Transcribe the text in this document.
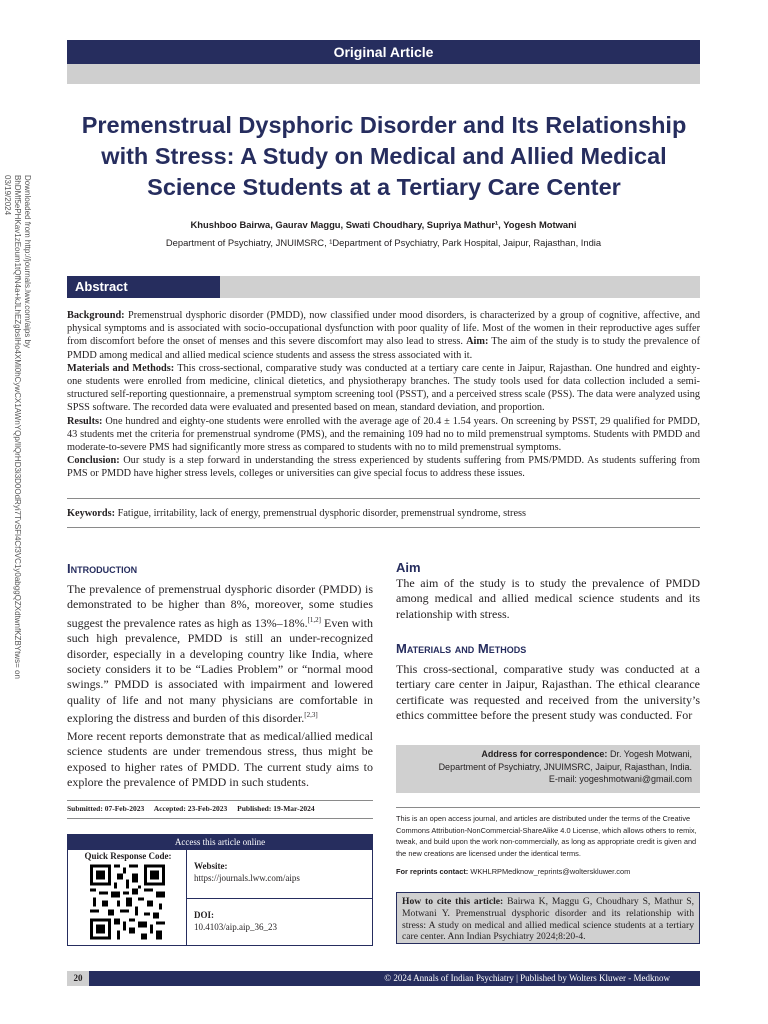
Downloaded from http://journals.lww.com/aips by BhDMf5ePHKav1zEoum1tQfN4a+kJLhEZgbsIHo4XMi0hCywCX1AWnYQp/IlQrHD3i3D0OdRyi7TvSFl4Cf3VC1y0abggQZXdtwnfKZBYtws= on 03/19/2024
Original Article
Premenstrual Dysphoric Disorder and Its Relationship with Stress: A Study on Medical and Allied Medical Science Students at a Tertiary Care Center
Khushboo Bairwa, Gaurav Maggu, Swati Choudhary, Supriya Mathur¹, Yogesh Motwani
Department of Psychiatry, JNUIMSRC, ¹Department of Psychiatry, Park Hospital, Jaipur, Rajasthan, India
Abstract
Background: Premenstrual dysphoric disorder (PMDD), now classified under mood disorders, is characterized by a group of cognitive, affective, and physical symptoms and is associated with socio-occupational dysfunction with poor quality of life. Most of the women in their reproductive ages suffer from discomfort before the onset of menses and this severe discomfort may also lead to stress. Aim: The aim of the study is to study the prevalence of PMDD among medical and allied medical science students and assess the stress associated with it.
Materials and Methods: This cross-sectional, comparative study was conducted at a tertiary care cente in Jaipur, Rajasthan. One hundred and eighty-one students were enrolled from medicine, clinical dietetics, and physiotherapy branches. The study tools used for data collection included a semi-structured self-reporting questionnaire, a premenstrual symptom screening tool (PSST), and a perceived stress scale (PSS). The data were analyzed using SPSS software. The recorded data were evaluated and presented based on mean, standard deviation, and proportion.
Results: One hundred and eighty-one students were enrolled with the average age of 20.4 ± 1.54 years. On screening by PSST, 29 qualified for PMDD, 43 students met the criteria for premenstrual syndrome (PMS), and the remaining 109 had no to mild premenstrual symptoms. Students with PMDD and moderate-to-severe PMS had significantly more stress as compared to students with no to mild premenstrual symptoms.
Conclusion: Our study is a step forward in understanding the stress experienced by students suffering from PMS/PMDD. As students suffering from PMS or PMDD have higher stress levels, colleges or universities can give special focus to address these issues.
Keywords: Fatigue, irritability, lack of energy, premenstrual dysphoric disorder, premenstrual syndrome, stress
Introduction
The prevalence of premenstrual dysphoric disorder (PMDD) is demonstrated to be higher than 8%, moreover, some studies suggest the prevalence rates as high as 13%–18%.[1,2] Even with such high prevalence, PMDD is still an under-recognized disorder, especially in a developing country like India, where society considers it to be “Ladies Problem” or “normal mood swings.” PMDD is associated with impairment and lowered quality of life and not many physicians are comfortable in exploring the distress and burden of this disorder.[2,3]
More recent reports demonstrate that as medical/allied medical science students are under tremendous stress, thus might be exposed to higher rates of PMDD. The current study aims to explore the prevalence of PMDD in such students.
Aim
The aim of the study is to study the prevalence of PMDD among medical and allied medical science students and its relationship with stress.
Materials and Methods
This cross-sectional, comparative study was conducted at a tertiary care center in Jaipur, Rajasthan. The ethical clearance certificate was requested and received from the university’s ethics committee before the present study was conducted. For
Address for correspondence: Dr. Yogesh Motwani,
Department of Psychiatry, JNUIMSRC, Jaipur, Rajasthan, India.
E-mail: yogeshmotwani@gmail.com
Submitted: 07-Feb-2023 Accepted: 23-Feb-2023 Published: 19-Mar-2024
Access this article online
Quick Response Code:
Website:
https://journals.lww.com/aips
DOI:
10.4103/aip.aip_36_23
This is an open access journal, and articles are distributed under the terms of the Creative Commons Attribution-NonCommercial-ShareAlike 4.0 License, which allows others to remix, tweak, and build upon the work non-commercially, as long as appropriate credit is given and the new creations are licensed under the identical terms.
For reprints contact: WKHLRPMedknow_reprints@wolterskluwer.com
How to cite this article: Bairwa K, Maggu G, Choudhary S, Mathur S, Motwani Y. Premenstrual dysphoric disorder and its relationship with stress: A study on medical and allied medical science students at a tertiary care center. Ann Indian Psychiatry 2024;8:20-4.
20	© 2024 Annals of Indian Psychiatry | Published by Wolters Kluwer - Medknow
